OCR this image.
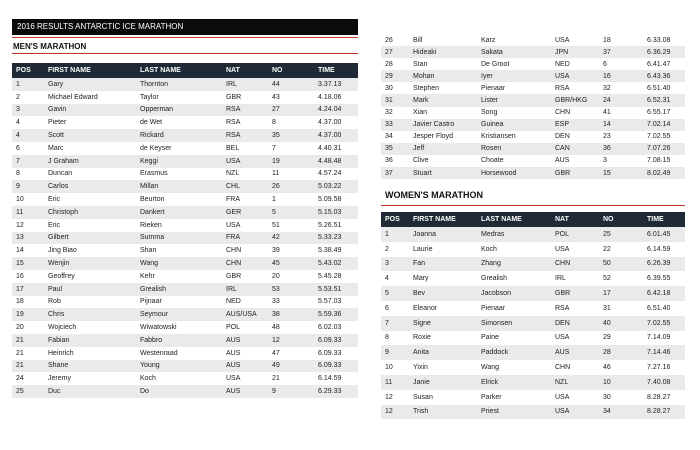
2016 RESULTS ANTARCTIC ICE MARATHON
MEN'S MARATHON
POS	FIRST NAME	LAST NAME	NAT	NO	TIME
1	Gary	Thornton	IRL	44	3.37.13
2	Michael Edward	Taylor	GBR	43	4.18.06
3	Gavin	Opperman	RSA	27	4.24.04
4	Pieter	de Wet	RSA	8	4.37.00
4	Scott	Rickard	RSA	35	4.37.00
6	Marc	de Keyser	BEL	7	4.40.31
7	J Graham	Keggi	USA	19	4.48.48
8	Duncan	Erasmus	NZL	11	4.57.24
9	Carlos	Millan	CHL	26	5.03.22
10	Eric	Beurton	FRA	1	5.09.58
11	Christoph	Dankert	GER	5	5.15.03
12	Eric	Rieken	USA	51	5.26.51
13	Gilbert	Summa	FRA	42	5.33.23
14	Jing Biao	Shan	CHN	39	5.38.49
15	Wenjin	Wang	CHN	45	5.43.02
16	Geoffrey	Kehr	GBR	20	5.45.28
17	Paul	Grealish	IRL	53	5.53.51
18	Rob	Pijnaar	NED	33	5.57.03
19	Chris	Seymour	AUS/USA	38	5.59.36
20	Wojciech	Wiwatowski	POL	48	6.02.03
21	Fabian	Fabbro	AUS	12	6.09.33
21	Heinrich	Westenraad	AUS	47	6.09.33
21	Shane	Young	AUS	49	6.09.33
24	Jeremy	Koch	USA	21	6.14.59
25	Duc	Do	AUS	9	6.29.33
26	Bill	Karz	USA	18	6.33.08
27	Hideaki	Sakata	JPN	37	6.36.29
28	Stan	De Groot	NED	6	6.41.47
29	Mohan	Iyer	USA	16	6.43.36
30	Stephen	Pienaar	RSA	32	6.51.40
31	Mark	Lister	GBR/HKG	24	6.52.31
32	Xian	Song	CHN	41	6.55.17
33	Javier Castro	Guinea	ESP	14	7.02.14
34	Jesper Floyd	Kristiansen	DEN	23	7.02.55
35	Jeff	Rosen	CAN	36	7.07.26
36	Clive	Choate	AUS	3	7.08.15
37	Stuart	Horsewood	GBR	15	8.02.49
WOMEN'S MARATHON
POS	FIRST NAME	LAST NAME	NAT	NO	TIME
1	Joanna	Medras	POL	25	6.01.45
2	Laurie	Koch	USA	22	6.14.59
3	Fan	Zhang	CHN	50	6.26.39
4	Mary	Grealish	IRL	52	6.39.55
5	Bev	Jacobson	GBR	17	6.42.18
6	Eleanor	Pienaar	RSA	31	6.51.40
7	Signe	Simonsen	DEN	40	7.02.55
8	Roxie	Paine	USA	29	7.14.09
9	Anita	Paddock	AUS	28	7.14.46
10	Yixin	Wang	CHN	46	7.27.16
11	Janie	Elrick	NZL	10	7.40.08
12	Susan	Parker	USA	30	8.28.27
12	Trish	Priest	USA	34	8.28.27
